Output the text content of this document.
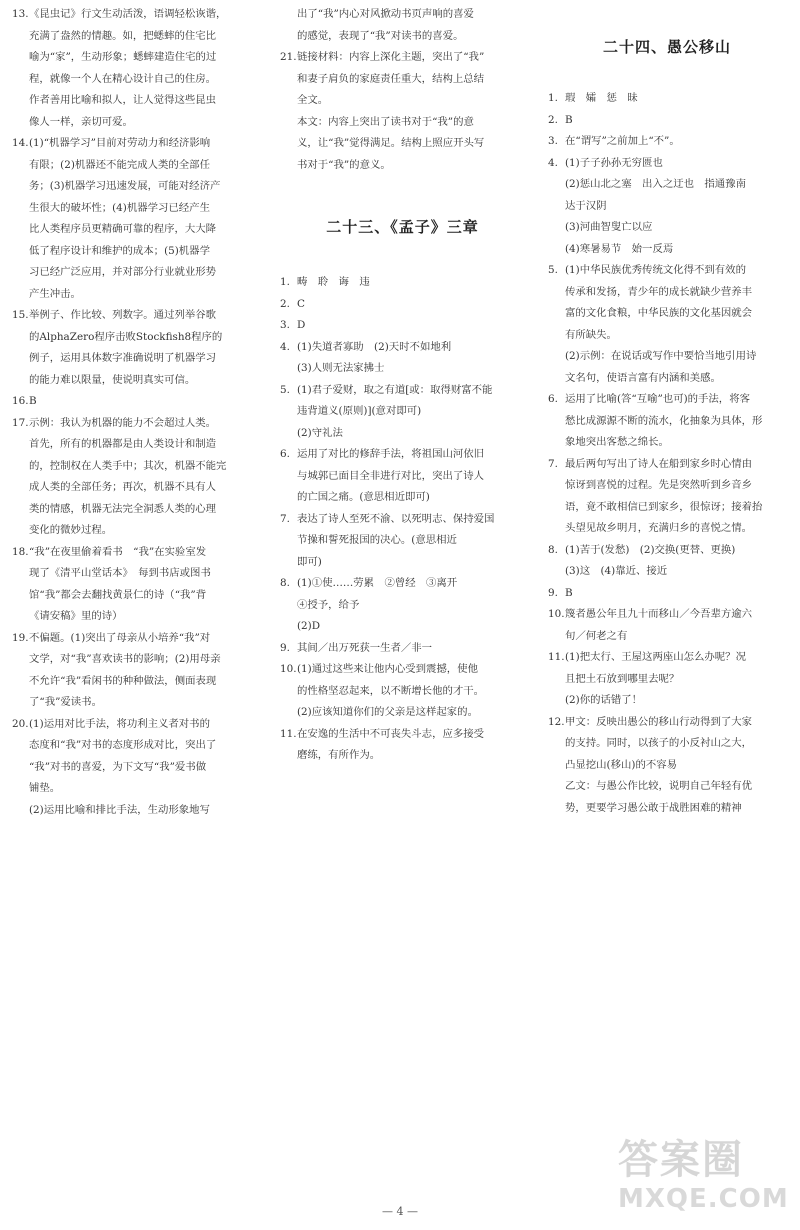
13. 《昆虫记》行文生动活泼，语调轻松诙谐，
充满了盎然的情趣。如，把蟋蟀的住宅比
喻为“家”，生动形象；蟋蟀建造住宅的过
程，就像一个人在精心设计自己的住房。
作者善用比喻和拟人，让人觉得这些昆虫
像人一样，亲切可爱。
14. (1)“机器学习”目前对劳动力和经济影响
有限；(2)机器还不能完成人类的全部任
务；(3)机器学习迅速发展，可能对经济产
生很大的破坏性；(4)机器学习已经产生
比人类程序员更精确可靠的程序，大大降
低了程序设计和维护的成本；(5)机器学
习已经广泛应用，并对部分行业就业形势
产生冲击。
15. 举例子、作比较、列数字。通过列举谷歌
的AlphaZero程序击败Stockfish8程序的
例子，运用具体数字准确说明了机器学习
的能力难以限量，使说明真实可信。
16. B
17. 示例：我认为机器的能力不会超过人类。
首先，所有的机器都是由人类设计和制造
的，控制权在人类手中；其次，机器不能完
成人类的全部任务；再次，机器不具有人
类的情感，机器无法完全洞悉人类的心理
变化的微妙过程。
18. “我”在夜里偷着看书　“我”在实验室发
现了《清平山堂话本》　每到书店或图书
馆“我”都会去翻找黄景仁的诗（“我”背
《请安稿》里的诗）
19. 不偏题。(1)突出了母亲从小培养“我”对
文学，对“我”喜欢读书的影响；(2)用母亲
不允许“我”看闲书的种种做法，侧面表现
了“我”爱读书。
20. (1)运用对比手法，将功利主义者对书的
态度和“我”对书的态度形成对比，突出了
“我”对书的喜爱，为下文写“我”爱书做
铺垫。
(2)运用比喻和排比手法，生动形象地写
出了“我”内心对风掀动书页声响的喜爱
的感觉，表现了“我”对读书的喜爱。
21. 链接材料：内容上深化主题，突出了“我”
和妻子肩负的家庭责任重大，结构上总结
全文。
本文：内容上突出了读书对于“我”的意
义，让“我”觉得满足。结构上照应开头写
书对于“我”的意义。
二十三、《孟子》三章
1. 畴　聆　诲　违
2. C
3. D
4. (1)失道者寡助　(2)天时不如地利
(3)人则无法家拂士
5. (1)君子爱财，取之有道[或：取得财富不能
违背道义(原则)](意对即可)
(2)守礼法
6. 运用了对比的修辞手法，将祖国山河依旧
与城郭已面目全非进行对比，突出了诗人
的亡国之痛。(意思相近即可)
7. 表达了诗人至死不渝、以死明志、保持爱国
节操和誓死报国的决心。(意思相近
即可)
8. (1)①使……劳累　②曾经　③离开
④授予，给予
(2)D
9. 其间／出万死获一生者／非一
10. (1)通过这些来让他内心受到震撼，使他
的性格坚忍起来，以不断增长他的才干。
(2)应该知道你们的父亲是这样起家的。
11. 在安逸的生活中不可丧失斗志，应多接受
磨练，有所作为。
二十四、愚公移山
1. 瑕　孀　惩　昧
2. B
3. 在“谓写”之前加上“不”。
4. (1)子子孙孙无穷匮也
(2)惩山北之塞　出入之迂也　指通豫南
达于汉阴
(3)河曲智叟亡以应
(4)寒暑易节　始一反焉
5. (1)中华民族优秀传统文化得不到有效的
传承和发扬，青少年的成长就缺少营养丰
富的文化食粮，中华民族的文化基因就会
有所缺失。
(2)示例：在说话或写作中要恰当地引用诗
文名句，使语言富有内涵和美感。
6. 运用了比喻(答“互喻”也可)的手法，将客
愁比成源源不断的流水，化抽象为具体，形
象地突出客愁之绵长。
7. 最后两句写出了诗人在船到家乡时心情由
惊讶到喜悦的过程。先是突然听到乡音乡
语，竟不敢相信已到家乡，很惊讶；接着抬
头望见故乡明月，充满归乡的喜悦之情。
8. (1)苦于(发愁)　(2)交换(更替、更换)
(3)这　(4)靠近、接近
9. B
10. 篾者愚公年且九十而移山／今吾辈方逾六
旬／何老之有
11. (1)把太行、王屋这两座山怎么办呢？况
且把土石放到哪里去呢？
(2)你的话错了！
12. 甲文：反映出愚公的移山行动得到了大家
的支持。同时，以孩子的小反衬山之大，
凸显挖山(移山)的不容易
乙文：与愚公作比较，说明自己年轻有优
势，更要学习愚公敢于战胜困难的精神
— 4 —
答案圈
MXQE.COM
